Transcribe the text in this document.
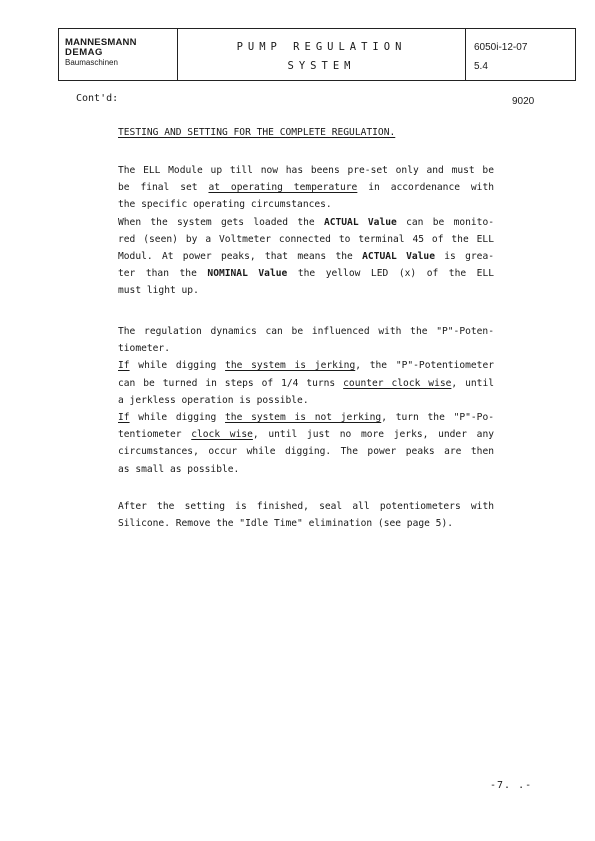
MANNESMANN
DEMAG
Baumaschinen
PUMP REGULATION
SYSTEM
6050i-12-07
5.4
Cont'd:	9020
TESTING AND SETTING FOR THE COMPLETE REGULATION.
The ELL Module up till now has beens pre-set only and must be
be final set at operating temperature in accordenance with
the specific operating circumstances.
When the system gets loaded the ACTUAL Value can be monito-
red (seen) by a Voltmeter connected to terminal 45 of the ELL
Modul. At power peaks, that means the ACTUAL Value is grea-
ter than the NOMINAL Value the yellow LED (x) of the ELL
must light up.
The regulation dynamics can be influenced with the "P"-Poten-
tiometer.
If while digging the system is jerking, the "P"-Potentiometer
can be turned in steps of 1/4 turns counter clock wise, until
a jerkless operation is possible.
If while digging the system is not jerking, turn the "P"-Po-
tentiometer clock wise, until just no more jerks, under any
circumstances, occur while digging. The power peaks are then
as small as possible.
After the setting is finished, seal all potentiometers with
Silicone. Remove the "Idle Time" elimination (see page 5).
-7. .-
